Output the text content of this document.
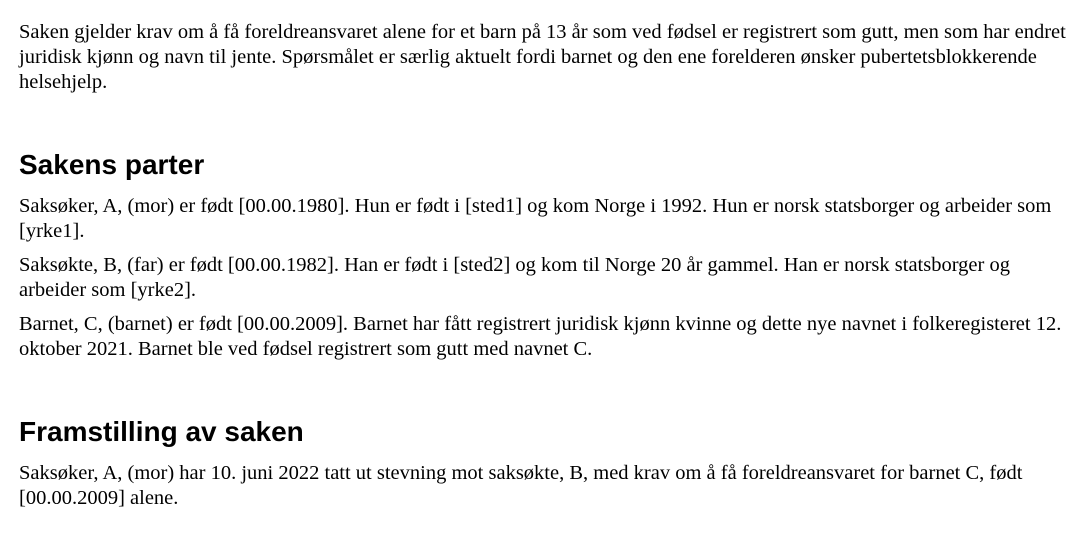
Saken gjelder krav om å få foreldreansvaret alene for et barn på 13 år som ved fødsel er registrert som gutt, men som har endret juridisk kjønn og navn til jente. Spørsmålet er særlig aktuelt fordi barnet og den ene forelderen ønsker pubertetsblokkerende helsehjelp.

Sakens parter

Saksøker, A, (mor) er født [00.00.1980]. Hun er født i [sted1] og kom Norge i 1992. Hun er norsk statsborger og arbeider som [yrke1].

Saksøkte, B, (far) er født [00.00.1982]. Han er født i [sted2] og kom til Norge 20 år gammel. Han er norsk statsborger og arbeider som [yrke2].

Barnet, C, (barnet) er født [00.00.2009]. Barnet har fått registrert juridisk kjønn kvinne og dette nye navnet i folkeregisteret 12. oktober 2021. Barnet ble ved fødsel registrert som gutt med navnet C.

Framstilling av saken

Saksøker, A, (mor) har 10. juni 2022 tatt ut stevning mot saksøkte, B, med krav om å få foreldreansvaret for barnet C, født [00.00.2009] alene.
